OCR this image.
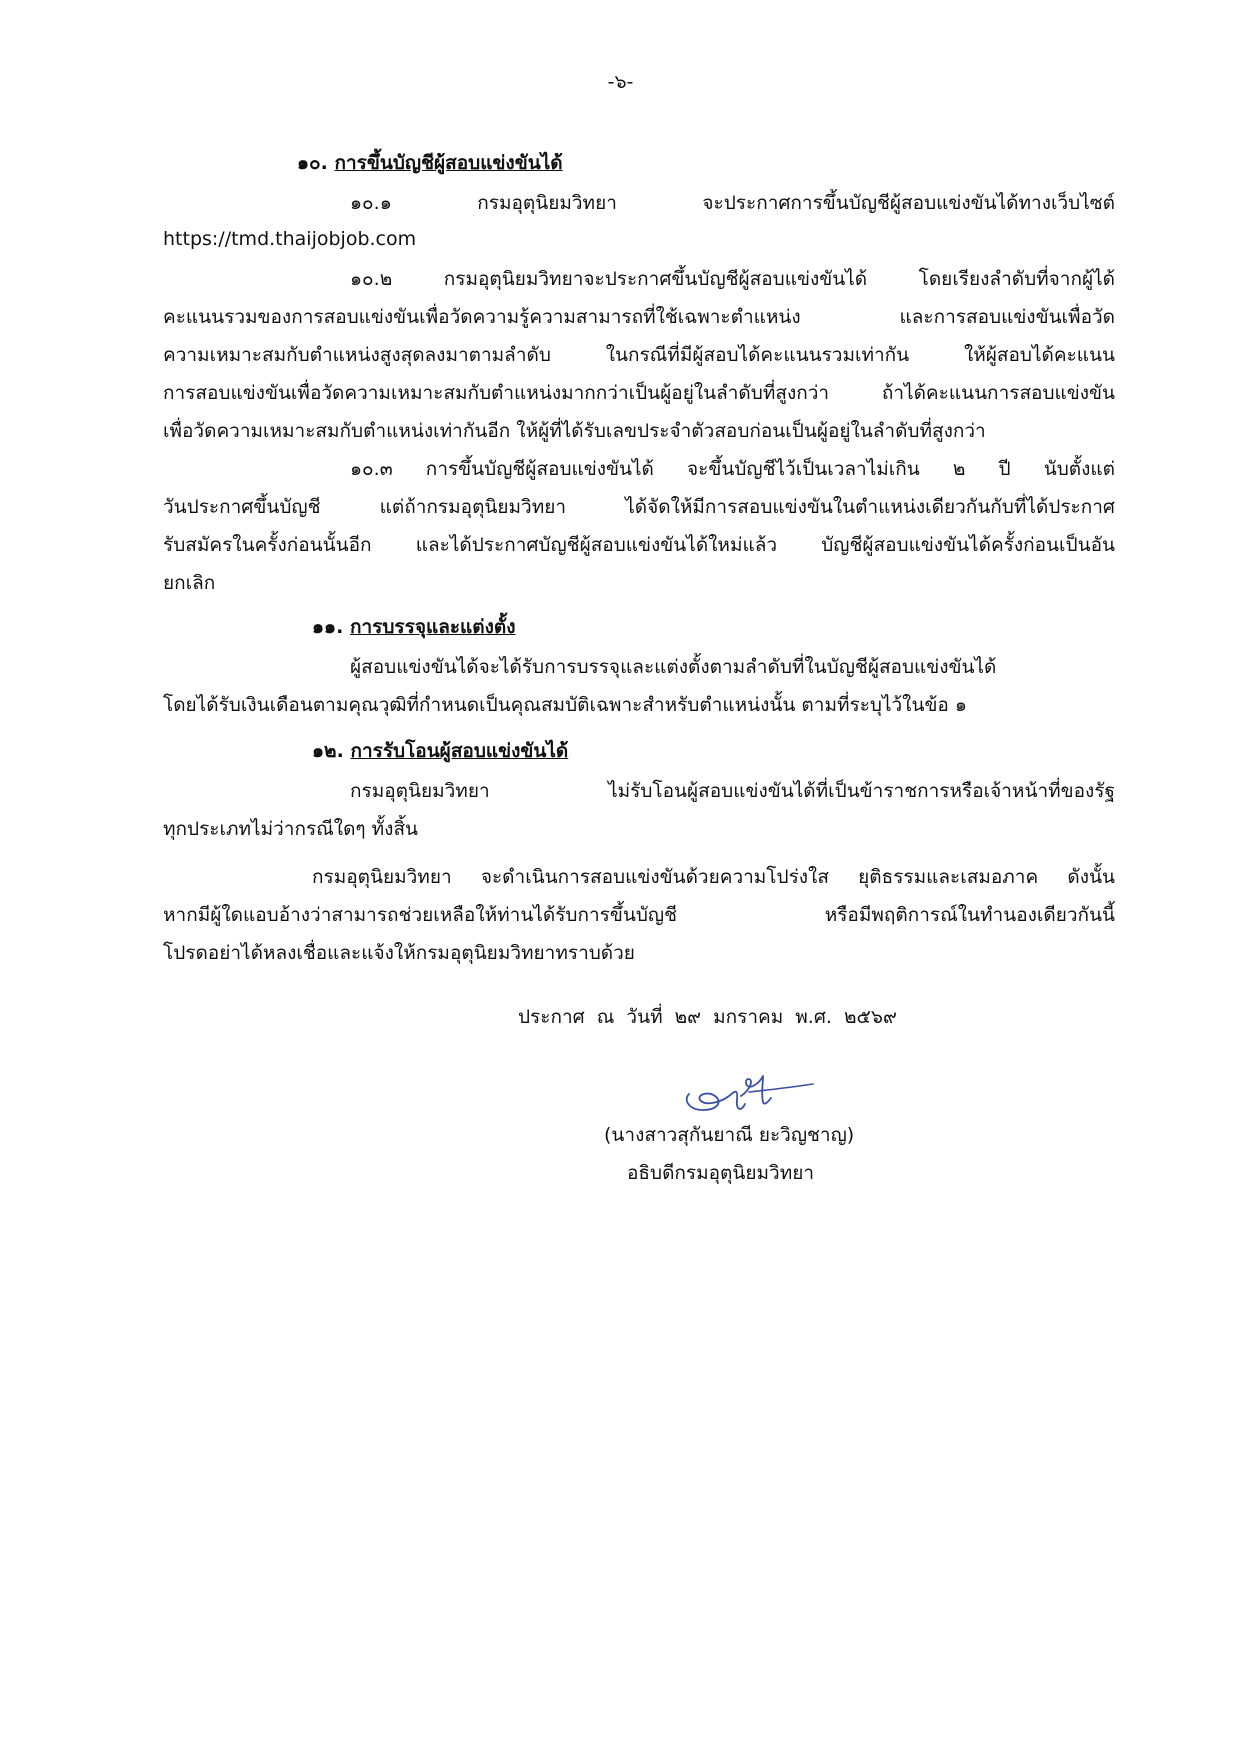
-๖-
๑๐. การขึ้นบัญชีผู้สอบแข่งขันได้
๑๐.๑ กรมอุตุนิยมวิทยา จะประกาศการขึ้นบัญชีผู้สอบแข่งขันได้ทางเว็บไซต์
https://tmd.thaijobjob.com
๑๐.๒ กรมอุตุนิยมวิทยาจะประกาศขึ้นบัญชีผู้สอบแข่งขันได้ โดยเรียงลำดับที่จากผู้ได้
คะแนนรวมของการสอบแข่งขันเพื่อวัดความรู้ความสามารถที่ใช้เฉพาะตำแหน่ง และการสอบแข่งขันเพื่อวัด
ความเหมาะสมกับตำแหน่งสูงสุดลงมาตามลำดับ ในกรณีที่มีผู้สอบได้คะแนนรวมเท่ากัน ให้ผู้สอบได้คะแนน
การสอบแข่งขันเพื่อวัดความเหมาะสมกับตำแหน่งมากกว่าเป็นผู้อยู่ในลำดับที่สูงกว่า ถ้าได้คะแนนการสอบแข่งขัน
เพื่อวัดความเหมาะสมกับตำแหน่งเท่ากันอีก ให้ผู้ที่ได้รับเลขประจำตัวสอบก่อนเป็นผู้อยู่ในลำดับที่สูงกว่า
๑๐.๓ การขึ้นบัญชีผู้สอบแข่งขันได้ จะขึ้นบัญชีไว้เป็นเวลาไม่เกิน ๒ ปี นับตั้งแต่
วันประกาศขึ้นบัญชี แต่ถ้ากรมอุตุนิยมวิทยา ได้จัดให้มีการสอบแข่งขันในตำแหน่งเดียวกันกับที่ได้ประกาศ
รับสมัครในครั้งก่อนนั้นอีก และได้ประกาศบัญชีผู้สอบแข่งขันได้ใหม่แล้ว บัญชีผู้สอบแข่งขันได้ครั้งก่อนเป็นอัน
ยกเลิก
๑๑. การบรรจุและแต่งตั้ง
ผู้สอบแข่งขันได้จะได้รับการบรรจุและแต่งตั้งตามลำดับที่ในบัญชีผู้สอบแข่งขันได้
โดยได้รับเงินเดือนตามคุณวุฒิที่กำหนดเป็นคุณสมบัติเฉพาะสำหรับตำแหน่งนั้น ตามที่ระบุไว้ในข้อ ๑
๑๒. การรับโอนผู้สอบแข่งขันได้
กรมอุตุนิยมวิทยา ไม่รับโอนผู้สอบแข่งขันได้ที่เป็นข้าราชการหรือเจ้าหน้าที่ของรัฐ
ทุกประเภทไม่ว่ากรณีใดๆ ทั้งสิ้น
กรมอุตุนิยมวิทยา จะดำเนินการสอบแข่งขันด้วยความโปร่งใส ยุติธรรมและเสมอภาค ดังนั้น
หากมีผู้ใดแอบอ้างว่าสามารถช่วยเหลือให้ท่านได้รับการขึ้นบัญชี หรือมีพฤติการณ์ในทำนองเดียวกันนี้
โปรดอย่าได้หลงเชื่อและแจ้งให้กรมอุตุนิยมวิทยาทราบด้วย
ประกาศ ณ วันที่ ๒๙ มกราคม พ.ศ. ๒๕๖๙
(นางสาวสุกันยาณี ยะวิญชาญ)
อธิบดีกรมอุตุนิยมวิทยา
